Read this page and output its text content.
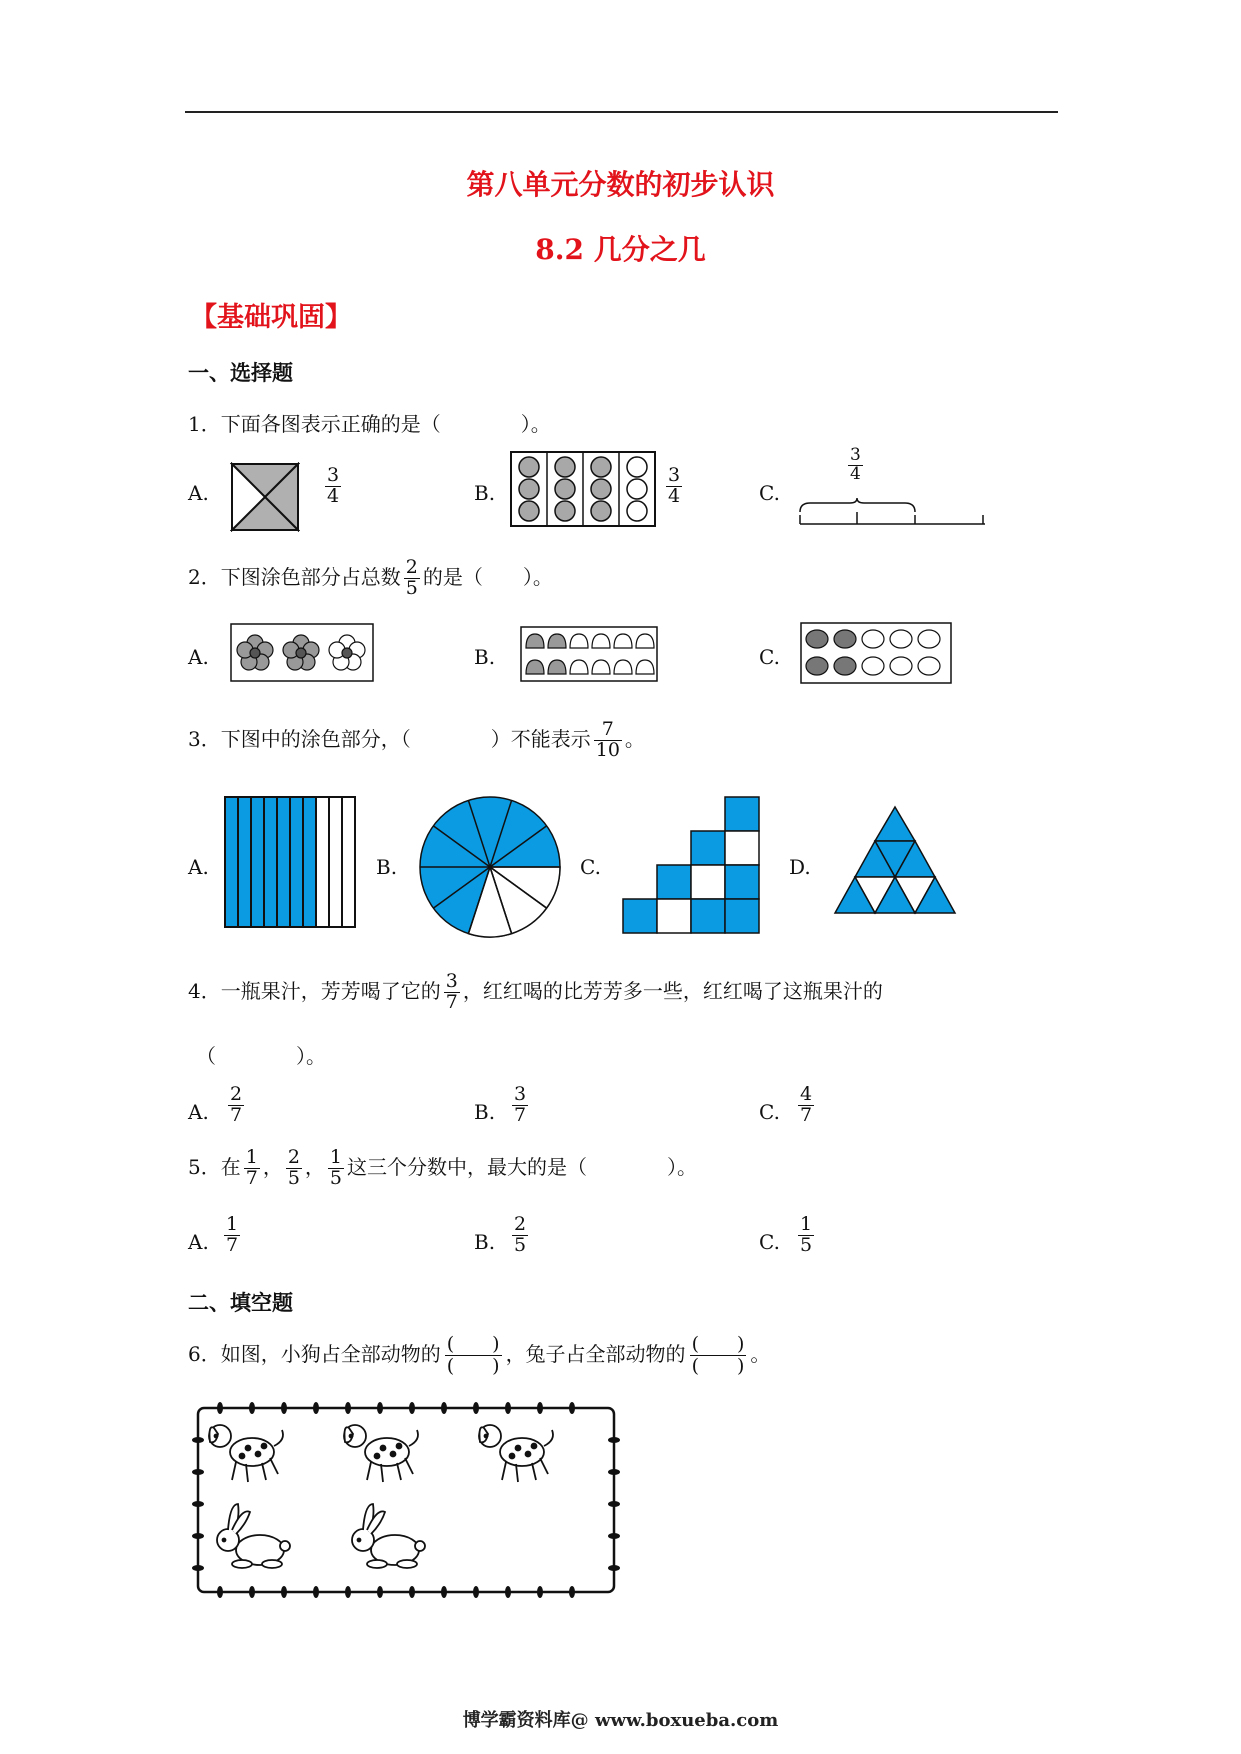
第八单元分数的初步认识
8.2 几分之几
【基础巩固】
一、选择题
1．下面各图表示正确的是（　　　　）。
A.	$\frac{3}{4}$	B.	$\frac{3}{4}$	C.
$\frac{3}{4}$
2．下图涂色部分占总数 $\frac{2}{5}$ 的是（　　）。
A.	B.	C.
3．下图中的涂色部分，（　　　　）不能表示 $\frac{7}{10}$ 。
A.	B.	C.	D.
4．一瓶果汁，芳芳喝了它的 $\frac{3}{7}$ ，红红喝的比芳芳多一些，红红喝了这瓶果汁的
（　　　　）。
A. $\frac{2}{7}$	B. $\frac{3}{7}$	C. $\frac{4}{7}$
5．在 $\frac{1}{7}$ ， $\frac{2}{5}$ ， $\frac{1}{5}$ 这三个分数中，最大的是（　　　　）。
A. $\frac{1}{7}$	B. $\frac{2}{5}$	C. $\frac{1}{5}$
二、填空题
6．如图，小狗占全部动物的 $\frac{( )}{( )}$ ，兔子占全部动物的 $\frac{( )}{( )}$ 。
博学霸资料库@ www.boxueba.com
